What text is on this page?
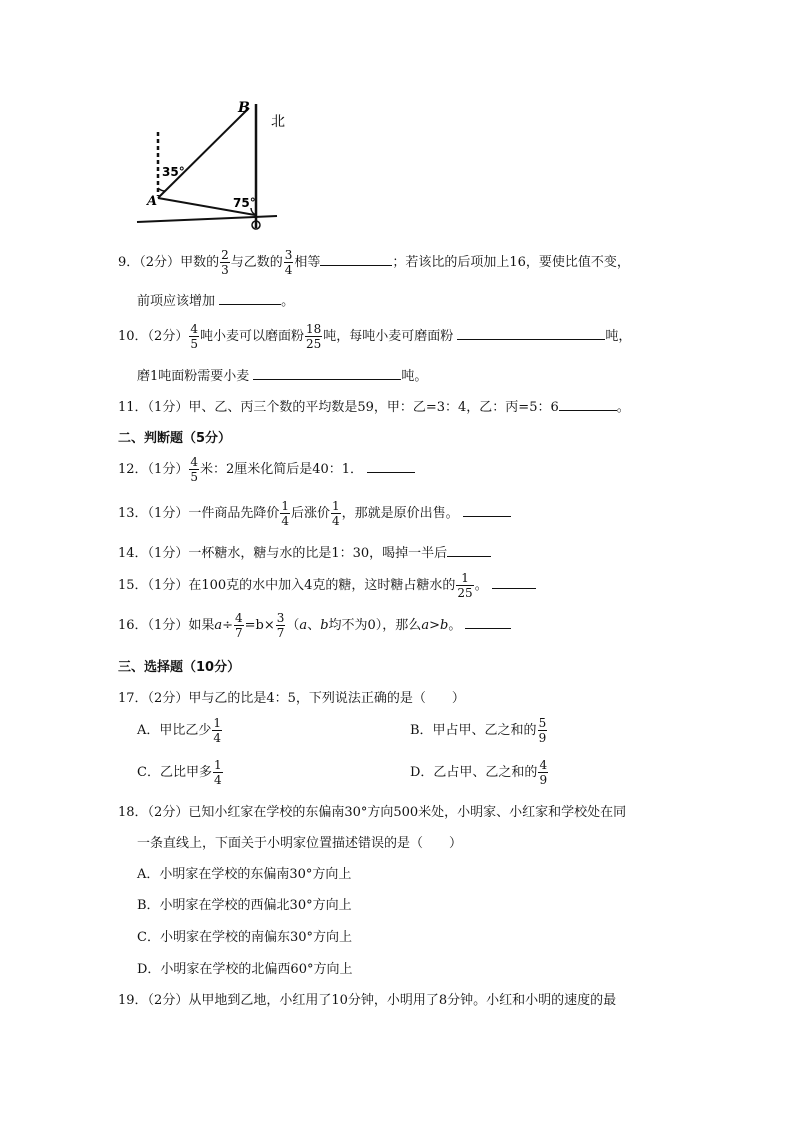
B
A
北
35°
75°
9．（2分）甲数的 $\frac{2}{3}$ 与乙数的 $\frac{3}{4}$ 相等	；若该比的后项加上16，要使比值不变，
前项应该增加	。
10．（2分） $\frac{4}{5}$ 吨小麦可以磨面粉 $\frac{18}{25}$ 吨，每吨小麦可磨面粉	吨，
磨1吨面粉需要小麦	吨。
11．（1分）甲、乙、丙三个数的平均数是59，甲：乙=3：4，乙：丙=5：6	。
二、判断题（5分）
12．（1分） $\frac{4}{5}$ 米：2厘米化简后是40：1．
13．（1分）一件商品先降价 $\frac{1}{4}$ 后涨价 $\frac{1}{4}$ ，那就是原价出售。
14．（1分）一杯糖水，糖与水的比是1：30，喝掉一半后
15．（1分）在100克的水中加入4克的糖，这时糖占糖水的 $\frac{1}{25}$ 。
16．（1分）如果$a\div \frac{4}{7} =b\times \frac{3}{7} (a$、b均不为0），那么a>b。
三、选择题（10分）
17．（2分）甲与乙的比是4：5，下列说法正确的是（　　）
A．甲比乙少 $\frac{1}{4}$	B．甲占甲、乙之和的 $\frac{5}{9}$
C．乙比甲多 $\frac{1}{4}$	D．乙占甲、乙之和的 $\frac{4}{9}$
18．（2分）已知小红家在学校的东偏南30°方向500米处，小明家、小红家和学校处在同
一条直线上，下面关于小明家位置描述错误的是（　　）
A．小明家在学校的东偏南30°方向上
B．小明家在学校的西偏北30°方向上
C．小明家在学校的南偏东30°方向上
D．小明家在学校的北偏西60°方向上
19．（2分）从甲地到乙地，小红用了10分钟，小明用了8分钟。小红和小明的速度的最
